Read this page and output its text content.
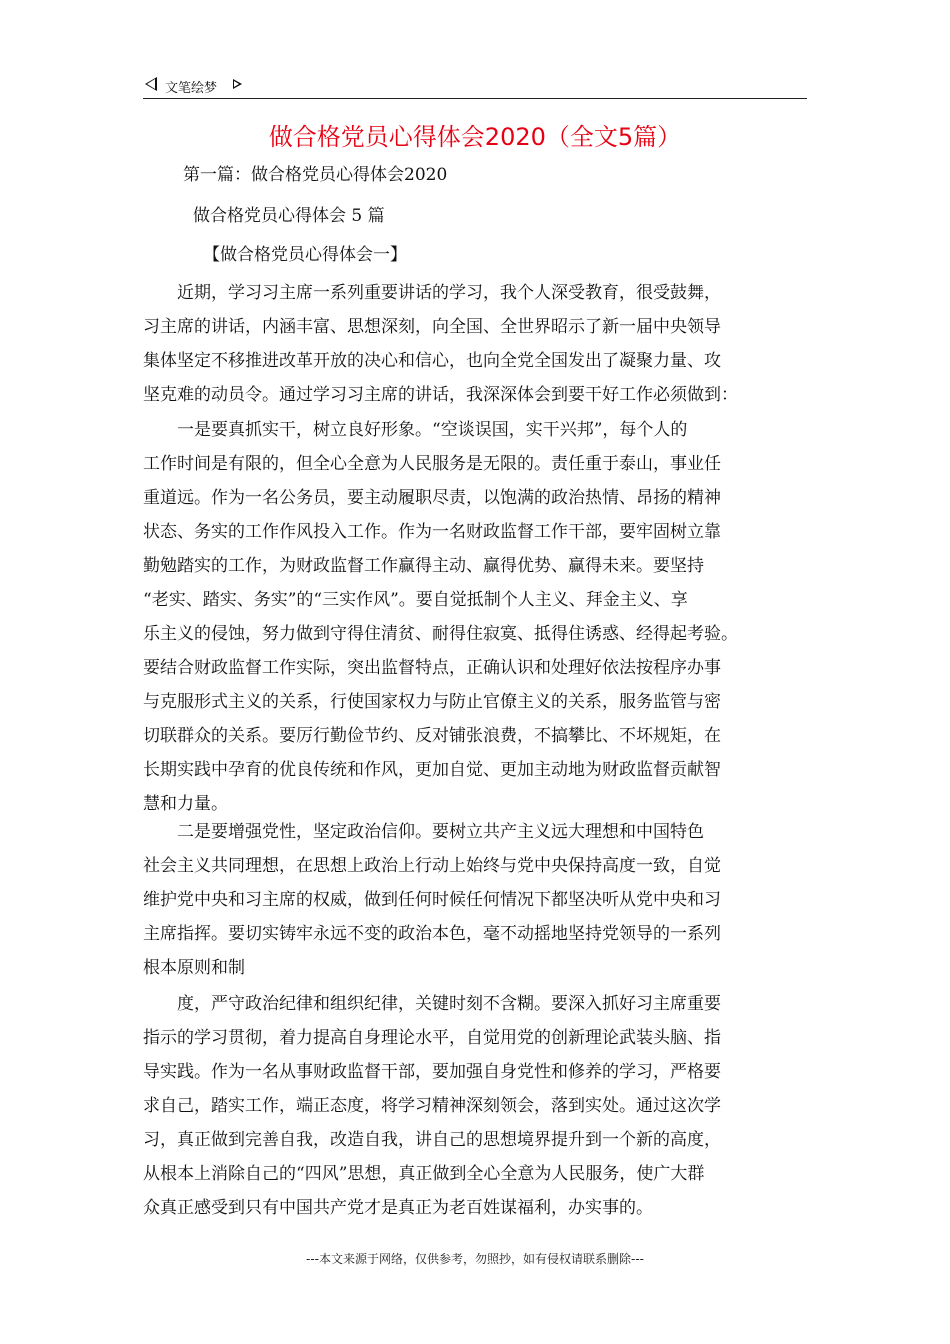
文笔绘梦
做合格党员心得体会2020（全文5篇）
第一篇：做合格党员心得体会2020
做合格党员心得体会 5 篇
【做合格党员心得体会一】
　　近期，学习习主席一系列重要讲话的学习，我个人深受教育，很受鼓舞，
习主席的讲话，内涵丰富、思想深刻，向全国、全世界昭示了新一届中央领导
集体坚定不移推进改革开放的决心和信心，也向全党全国发出了凝聚力量、攻
坚克难的动员令。通过学习习主席的讲话，我深深体会到要干好工作必须做到：
　　一是要真抓实干，树立良好形象。“空谈误国，实干兴邦”，每个人的
工作时间是有限的，但全心全意为人民服务是无限的。责任重于泰山，事业任
重道远。作为一名公务员，要主动履职尽责，以饱满的政治热情、昂扬的精神
状态、务实的工作作风投入工作。作为一名财政监督工作干部，要牢固树立靠
勤勉踏实的工作，为财政监督工作赢得主动、赢得优势、赢得未来。要坚持
“老实、踏实、务实”的“三实作风”。要自觉抵制个人主义、拜金主义、享
乐主义的侵蚀，努力做到守得住清贫、耐得住寂寞、抵得住诱惑、经得起考验。
要结合财政监督工作实际，突出监督特点，正确认识和处理好依法按程序办事
与克服形式主义的关系，行使国家权力与防止官僚主义的关系，服务监管与密
切联群众的关系。要厉行勤俭节约、反对铺张浪费，不搞攀比、不坏规矩，在
长期实践中孕育的优良传统和作风，更加自觉、更加主动地为财政监督贡献智
慧和力量。
　　二是要增强党性，坚定政治信仰。要树立共产主义远大理想和中国特色
社会主义共同理想，在思想上政治上行动上始终与党中央保持高度一致，自觉
维护党中央和习主席的权威，做到任何时候任何情况下都坚决听从党中央和习
主席指挥。要切实铸牢永远不变的政治本色，毫不动摇地坚持党领导的一系列
根本原则和制
　　度，严守政治纪律和组织纪律，关键时刻不含糊。要深入抓好习主席重要
指示的学习贯彻，着力提高自身理论水平，自觉用党的创新理论武装头脑、指
导实践。作为一名从事财政监督干部，要加强自身党性和修养的学习，严格要
求自己，踏实工作，端正态度，将学习精神深刻领会，落到实处。通过这次学
习，真正做到完善自我，改造自我，讲自己的思想境界提升到一个新的高度，
从根本上消除自己的“四风”思想，真正做到全心全意为人民服务，使广大群
众真正感受到只有中国共产党才是真正为老百姓谋福利，办实事的。
---本文来源于网络，仅供参考，勿照抄，如有侵权请联系删除---
